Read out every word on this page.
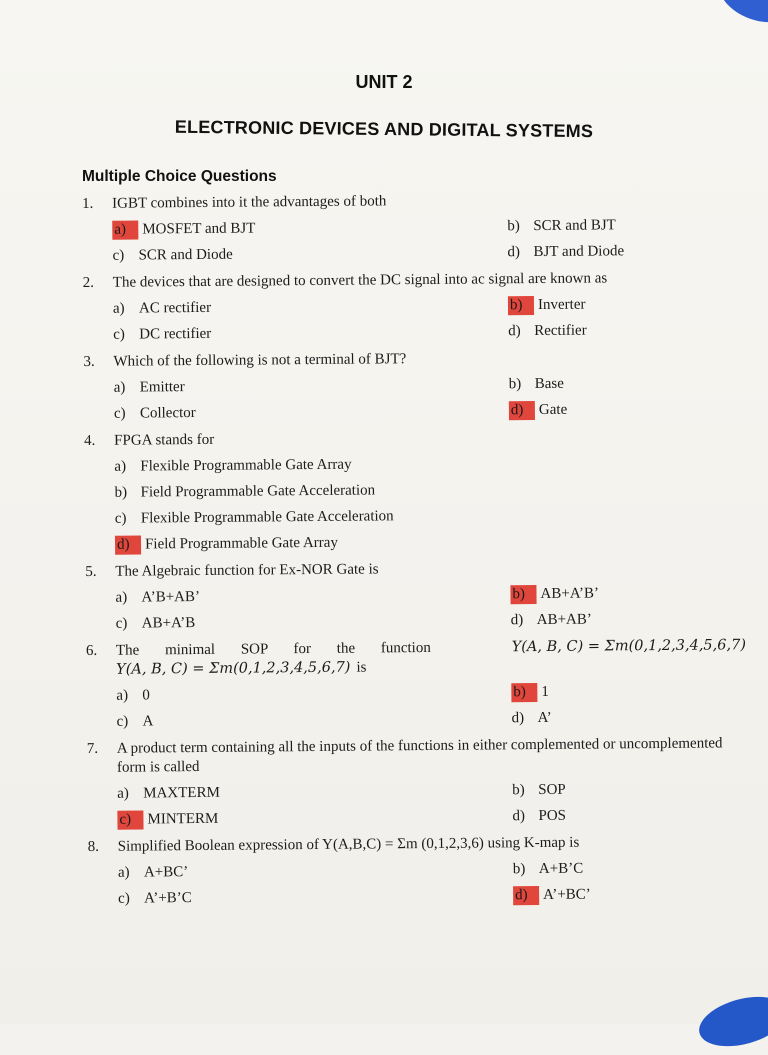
UNIT 2
ELECTRONIC DEVICES AND DIGITAL SYSTEMS
Multiple Choice Questions
1.	IGBT combines into it the advantages of both
a)	MOSFET and BJT	b) SCR and BJT
c) SCR and Diode	d) BJT and Diode
2.	The devices that are designed to convert the DC signal into ac signal are known as
a) AC rectifier	b)	Inverter
c) DC rectifier	d) Rectifier
3.	Which of the following is not a terminal of BJT?
a) Emitter	b) Base
c) Collector	d)	Gate
4.	FPGA stands for
a) Flexible Programmable Gate Array
b) Field Programmable Gate Acceleration
c) Flexible Programmable Gate Acceleration
d)	Field Programmable Gate Array
5.	The Algebraic function for Ex-NOR Gate is
a) A’B+AB’	b)	AB+A’B’
c) AB+A’B	d) AB+AB’
6.	The minimal SOP for the function	Y(A, B, C) = Σm(0,1,2,3,4,5,6,7)
Y(A, B, C) = Σm(0,1,2,3,4,5,6,7) is
a) 0	b)	1
c) A	d) A’
7.	A product term containing all the inputs of the functions in either complemented or uncomplemented form is called
a) MAXTERM	b) SOP
c)	MINTERM	d) POS
8.	Simplified Boolean expression of Y(A,B,C) = Σm (0,1,2,3,6) using K-map is
a) A+BC’	b) A+B’C
c) A’+B’C	d)	A’+BC’
